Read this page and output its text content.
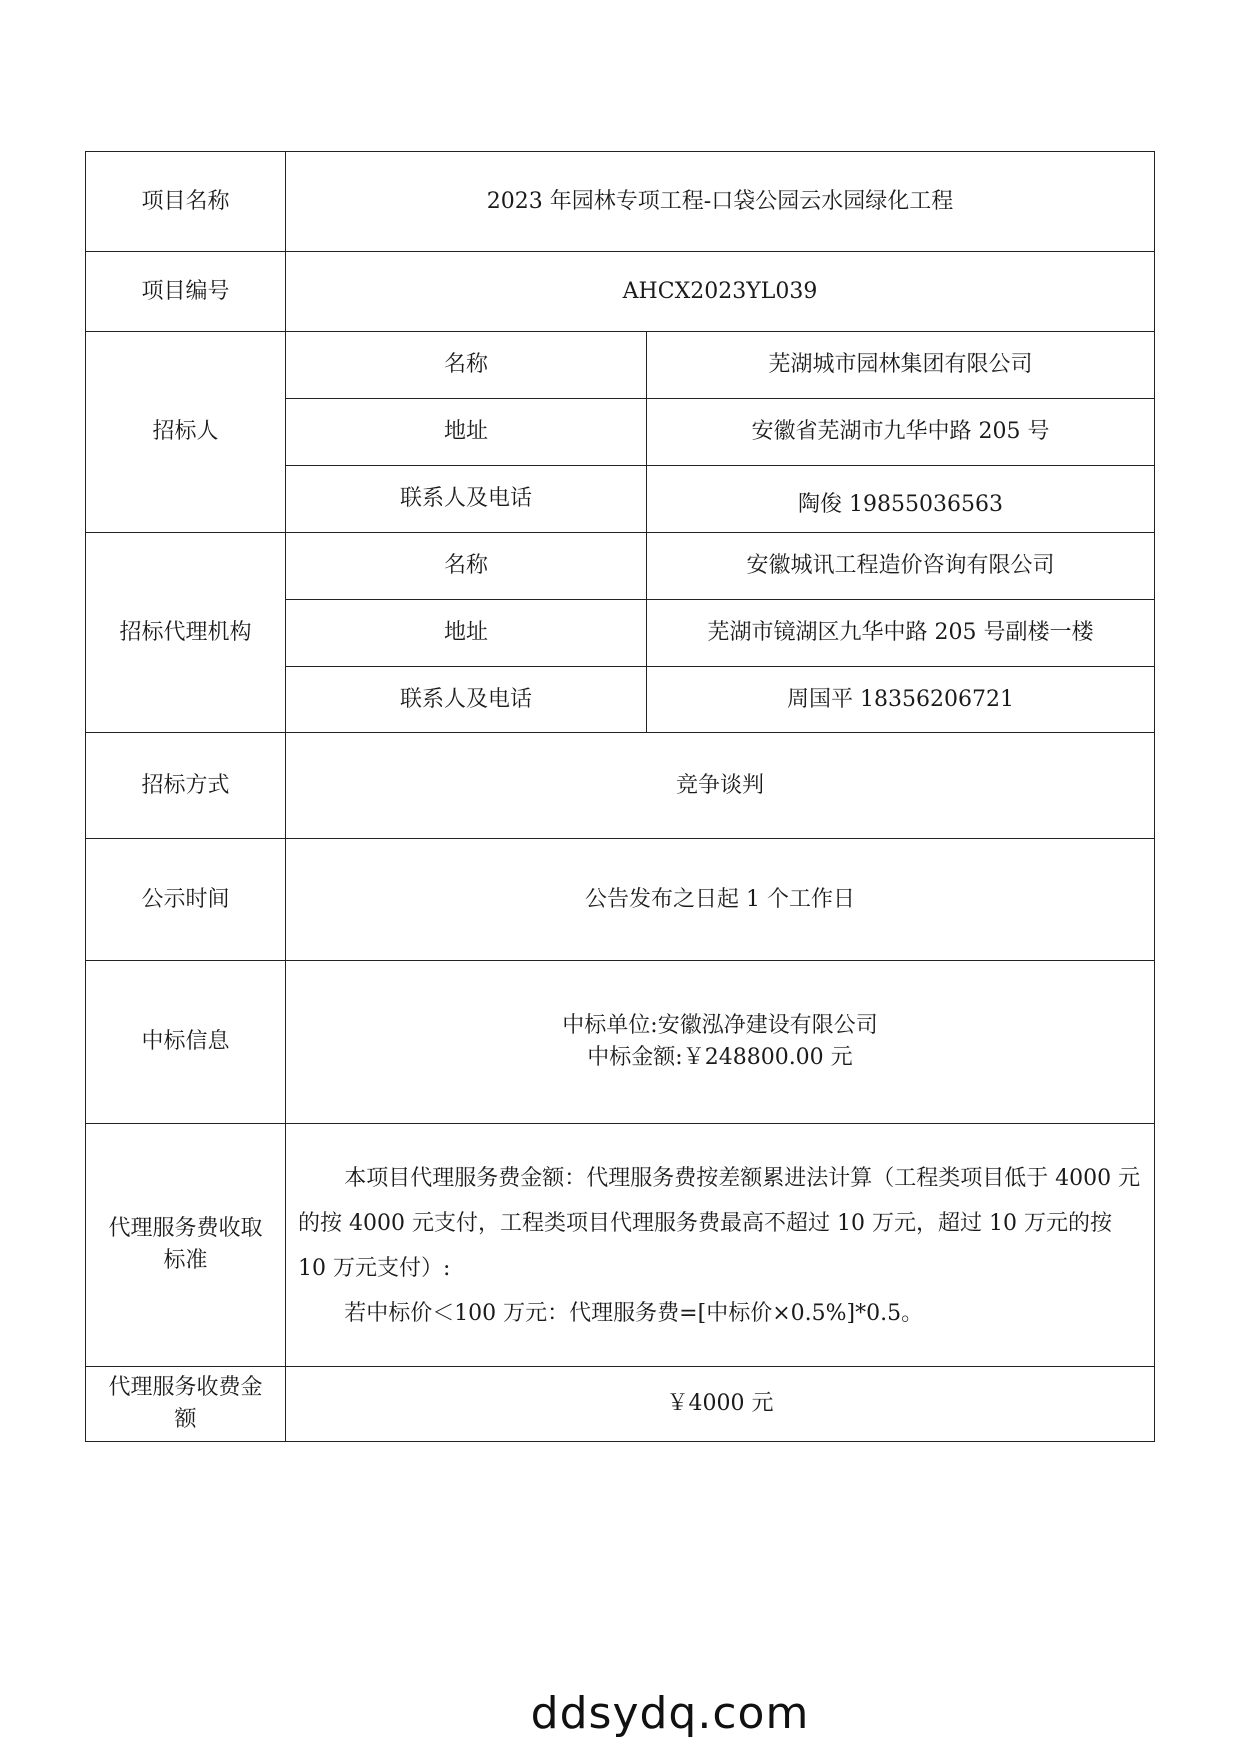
项目名称	2023 年园林专项工程-口袋公园云水园绿化工程	
项目编号	AHCX2023YL039	
招标人	名称	芜湖城市园林集团有限公司
	地址	安徽省芜湖市九华中路 205 号
	联系人及电话	陶俊 19855036563
招标代理机构	名称	安徽城讯工程造价咨询有限公司
	地址	芜湖市镜湖区九华中路 205 号副楼一楼
	联系人及电话	周国平 18356206721
招标方式	竞争谈判	
公示时间	公告发布之日起 1 个工作日	
中标信息	中标单位:安徽泓净建设有限公司
中标金额:￥248800.00 元	

代理服务费收取标准	本项目代理服务费金额：代理服务费按差额累进法计算（工程类项目低于 4000 元的按 4000 元支付，工程类项目代理服务费最高不超过 10 万元，超过 10 万元的按 10 万元支付）:

若中标价＜100 万元：代理服务费=[中标价×0.5%]*0.5。	

代理服务收费金额	￥4000 元	
ddsydq.com
